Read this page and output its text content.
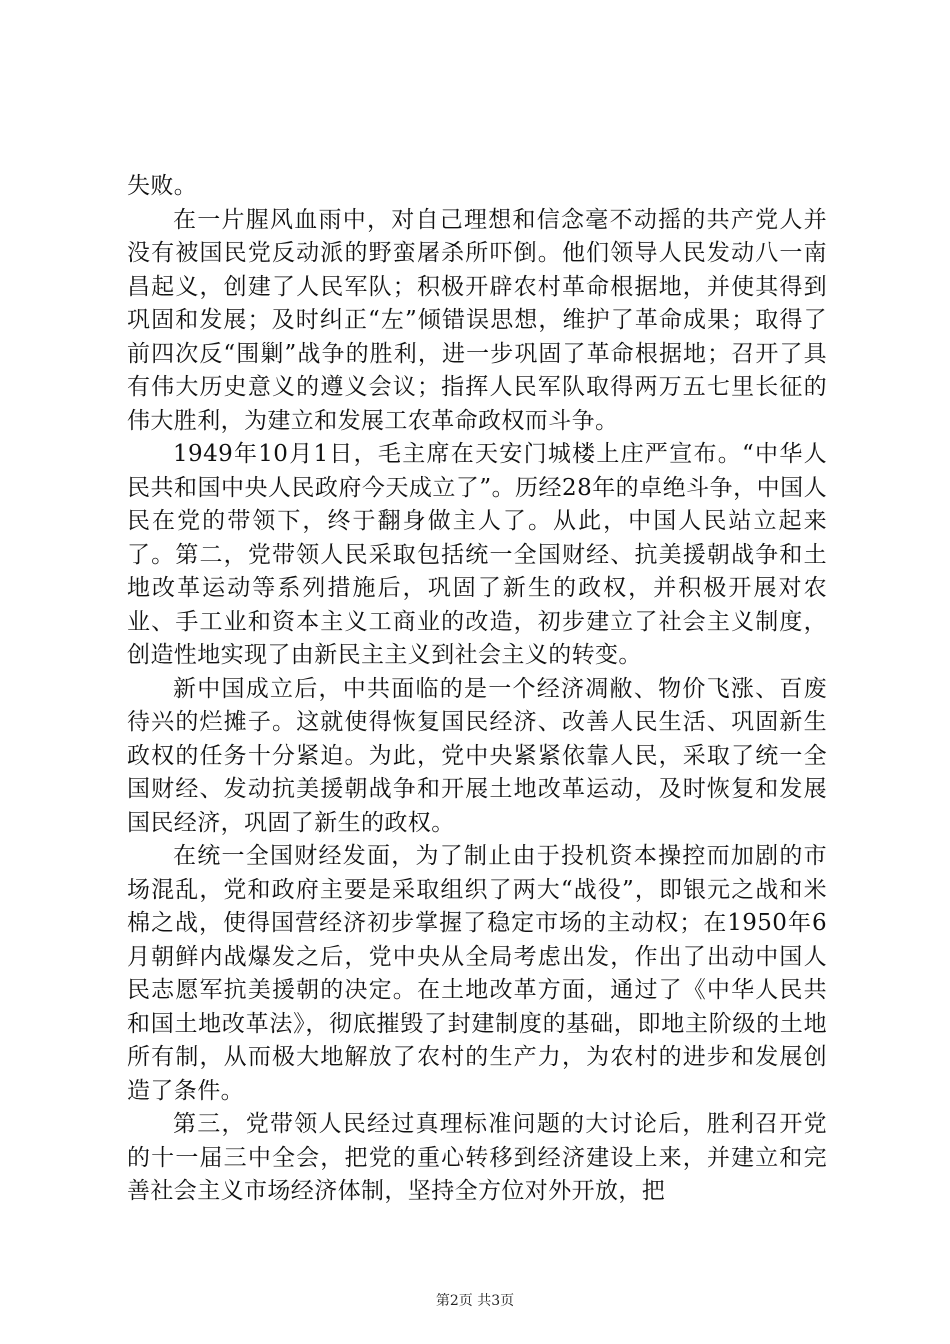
失败。

在一片腥风血雨中，对自己理想和信念毫不动摇的共产党人并没有被国民党反动派的野蛮屠杀所吓倒。他们领导人民发动八一南昌起义，创建了人民军队；积极开辟农村革命根据地，并使其得到巩固和发展；及时纠正“左”倾错误思想，维护了革命成果；取得了前四次反“围剿”战争的胜利，进一步巩固了革命根据地；召开了具有伟大历史意义的遵义会议；指挥人民军队取得两万五七里长征的伟大胜利，为建立和发展工农革命政权而斗争。

1949年10月1日，毛主席在天安门城楼上庄严宣布。“中华人民共和国中央人民政府今天成立了”。历经28年的卓绝斗争，中国人民在党的带领下，终于翻身做主人了。从此，中国人民站立起来了。第二，党带领人民采取包括统一全国财经、抗美援朝战争和土地改革运动等系列措施后，巩固了新生的政权，并积极开展对农业、手工业和资本主义工商业的改造，初步建立了社会主义制度，创造性地实现了由新民主主义到社会主义的转变。

新中国成立后，中共面临的是一个经济凋敝、物价飞涨、百废待兴的烂摊子。这就使得恢复国民经济、改善人民生活、巩固新生政权的任务十分紧迫。为此，党中央紧紧依靠人民，采取了统一全国财经、发动抗美援朝战争和开展土地改革运动，及时恢复和发展国民经济，巩固了新生的政权。

在统一全国财经发面，为了制止由于投机资本操控而加剧的市场混乱，党和政府主要是采取组织了两大“战役”，即银元之战和米棉之战，使得国营经济初步掌握了稳定市场的主动权；在1950年6月朝鲜内战爆发之后，党中央从全局考虑出发，作出了出动中国人民志愿军抗美援朝的决定。在土地改革方面，通过了《中华人民共和国土地改革法》，彻底摧毁了封建制度的基础，即地主阶级的土地所有制，从而极大地解放了农村的生产力，为农村的进步和发展创造了条件。

第三，党带领人民经过真理标准问题的大讨论后，胜利召开党的十一届三中全会，把党的重心转移到经济建设上来，并建立和完善社会主义市场经济体制，坚持全方位对外开放，把

第2页 共3页
